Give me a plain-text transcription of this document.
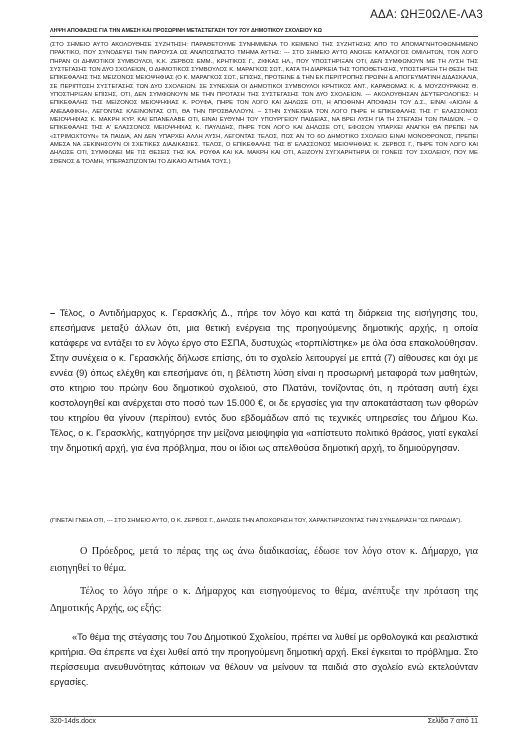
ΑΔΑ: ΩΗΞ0ΩΛΕ-ΛΑ3
ΛΗΨΗ ΑΠΟΦΑΣΗΣ ΓΙΑ ΤΗΝ ΑΜΕΣΗ ΚΑΙ ΠΡΟΣΩΡΙΝΗ ΜΕΤΑΣΤΕΓΑΣΗ ΤΟΥ 7ΟΥ ΔΗΜΟΤΙΚΟΥ ΣΧΟΛΕΙΟΥ ΚΩ
(ΣΤΟ ΣΗΜΕΙΟ ΑΥΤΟ ΑΚΟΛΟΥΘΗΣΕ ΣΥΖΗΤΗΣΗ: ΠΑΡΑΘΕΤΟΥΜΕ ΣΥΝΗΜΜΕΝΑ ΤΟ ΚΕΙΜΕΝΟ ΤΗΣ ΣΥΖΗΤΗΣΗΣ ΑΠΟ ΤΟ ΑΠΟΜΑΓΝΗΤΟΦΩΝΗΜΕΝΟ ΠΡΑΚΤΙΚΟ, ΠΟΥ ΣΥΝΟΔΕΥΕΙ ΤΗΝ ΠΑΡΟΥΣΑ ΩΣ ΑΝΑΠΟΣΠΑΣΤΟ ΤΜΗΜΑ ΑΥΤΗΣ: --- ΣΤΟ ΣΗΜΕΙΟ ΑΥΤΟ ΑΝΟΙΞΕ ΚΑΤΑΛΟΓΟΣ ΟΜΙΛΗΤΩΝ, ΤΟΝ ΛΟΓΟ ΠΗΡΑΝ ΟΙ ΔΗΜΟΤΙΚΟΙ ΣΥΜΒΟΥΛΟΙ, Κ.Κ. ΖΕΡΒΟΣ ΕΜΜ., ΚΡΗΤΙΚΟΣ Γ., ΖΙΦΚΑΣ ΗΛ., ΠΟΥ ΥΠΟΣΤΗΡΙΞΑΝ ΟΤΙ, ΔΕΝ ΣΥΜΦΩΝΟΥΝ ΜΕ ΤΗ ΛΥΣΗ ΤΗΣ ΣΥΣΤΕΓΑΣΗΣ ΤΩΝ ΔΥΟ ΣΧΟΛΕΙΩΝ, Ο ΔΗΜΟΤΙΚΟΣ ΣΥΜΒΟΥΛΟΣ Κ. ΜΑΡΑΓΚΟΣ ΣΩΤ., ΚΑΤΑ ΤΗ ΔΙΑΡΚΕΙΑ ΤΗΣ ΤΟΠΟΘΕΤΗΣΗΣ, ΥΠΟΣΤΗΡΙΞΗ ΤΗ ΘΕΣΗ ΤΗΣ ΕΠΙΚΕΦΑΛΗΣ ΤΗΣ ΜΕΙΖΟΝΟΣ ΜΕΙΟΨΗΦΙΑΣ (Ο Κ. ΜΑΡΑΓΚΟΣ ΣΩΤ., ΕΠΙΣΗΣ, ΠΡΟΤΕΙΝΕ & ΤΗΝ ΕΚ ΠΕΡΙΤΡΟΠΗΣ ΠΡΩΙΝΗ & ΑΠΟΓΕΥΜΑΤΙΝΗ ΔΙΔΑΣΚΑΛΙΑ, ΣΕ ΠΕΡΙΠΤΩΣΗ ΣΥΣΤΕΓΑΣΗΣ ΤΩΝ ΔΥΟ ΣΧΟΛΕΙΩΝ. ΣΕ ΣΥΝΕΧΕΙΑ ΟΙ ΔΗΜΟΤΙΚΟΙ ΣΥΜΒΟΥΛΟΙ ΚΡΗΤΙΚΟΣ ΑΝΤ., ΚΑΡΑΘΩΜΑΣ Κ. & ΜΟΥΖΟΥΡΑΚΗΣ Θ. ΥΠΟΣΤΗΡΙΞΑΝ ΕΠΙΣΗΣ, ΟΤΙ, ΔΕΝ ΣΥΜΦΩΝΟΥΝ ΜΕ ΤΗΝ ΠΡΟΤΑΣΗ ΤΗΣ ΣΥΣΤΕΓΑΣΗΣ ΤΩΝ ΔΥΟ ΣΧΟΛΕΙΩΝ. --- ΑΚΟΛΟΥΘΗΣΑΝ ΔΕΥΤΕΡΟΛΟΓΙΕΣ: Η ΕΠΙΚΕΦΑΛΗΣ ΤΗΣ ΜΕΙΖΟΝΟΣ ΜΕΙΟΨΗΦΙΑΣ Κ. ΡΟΥΦΑ, ΠΗΡΕ ΤΟΝ ΛΟΓΟ ΚΑΙ ΔΗΛΩΣΕ ΟΤΙ, Η ΑΠΟΦΗΝΗ ΑΠΟΦΑΣΗ ΤΟΥ Δ.Σ., ΕΙΝΑΙ «ΑΙΟΛΗ & ΑΝΕΔΑΦΙΚΗ», ΛΕΓΟΝΤΑΣ ΚΛΕΙΝΟΝΤΑΣ ΟΤΙ, ΘΑ ΤΗΝ ΠΡΟΣΒΑΛΛΟΥΝ. – ΣΤΗΝ ΣΥΝΕΧΕΙΑ ΤΟΝ ΛΟΓΟ ΠΗΡΕ Η ΕΠΙΚΕΦΑΛΗΣ ΤΗΣ Γ' ΕΛΑΣΣΟΝΟΣ ΜΕΙΟΨΗΦΙΑΣ Κ. ΜΑΚΡΗ ΚΥΡ. ΚΑΙ ΕΠΑΝΕΛΑΒΕ ΟΤΙ, ΕΙΝΑΙ ΕΥΘΥΝΗ ΤΟΥ ΥΠΟΥΡΓΕΙΟΥ ΠΑΙΔΕΙΑΣ, ΝΑ ΒΡΕΙ ΛΥΣΗ ΓΙΑ ΤΗ ΣΤΕΓΑΣΗ ΤΩΝ ΠΑΙΔΙΩΝ. – Ο ΕΠΙΚΕΦΑΛΗΣ ΤΗΣ Α' ΕΛΑΣΣΟΝΟΣ ΜΕΙΟΨΗΦΙΑΣ Κ. ΠΑΥΛΙΔΗΣ, ΠΗΡΕ ΤΟΝ ΛΟΓΟ ΚΑΙ ΔΗΛΩΣΕ ΟΤΙ, ΕΦΟΣΟΝ ΥΠΑΡΧΕΙ ΑΝΑΓΚΗ ΘΑ ΠΡΕΠΕΙ ΝΑ «ΣΤΡΙΜΩΧΤΟΥΝ» ΤΑ ΠΑΙΔΙΑ, ΑΝ ΔΕΝ ΥΠΑΡΧΕΙ ΑΛΛΗ ΛΥΣΗ, ΛΕΓΟΝΤΑΣ ΤΕΛΟΣ, ΠΩΣ ΑΝ ΤΟ 6Ο ΔΗΜΟΤΙΚΟ ΣΧΟΛΕΙΟ ΕΙΝΑΙ ΜΟΝΟΘΡΟΝΟΣ, ΠΡΕΠΕΙ ΑΜΕΣΑ ΝΑ ΞΕΚΙΝΗΣΟΥΝ ΟΙ ΣΧΕΤΙΚΕΣ ΔΙΑΔΙΚΑΣΙΕΣ. ΤΕΛΟΣ, Ο ΕΠΙΚΕΦΑΛΗΣ ΤΗΣ Β' ΕΛΑΣΣΟΝΟΣ ΜΕΙΟΨΗΦΙΑΣ Κ. ΖΕΡΒΟΣ Γ., ΠΗΡΕ ΤΟΝ ΛΟΓΟ ΚΑΙ ΔΗΛΩΣΕ ΟΤΙ, ΣΥΜΦΩΝΕΙ ΜΕ ΤΙΣ ΘΕΣΕΙΣ ΤΗΣ ΚΑ. ΡΟΥΦΑ ΚΑΙ ΚΑ. ΜΑΚΡΗ ΚΑΙ ΟΤΙ, ΑΞΙΖΟΥΝ ΣΥΓΧΑΡΗΤΗΡΙΑ ΟΙ ΓΟΝΕΙΣ ΤΟΥ ΣΧΟΛΕΙΟΥ, ΠΟΥ ΜΕ ΣΘΕΝΟΣ & ΤΟΛΜΗ, ΥΠΕΡΑΣΠΙΖΟΝΤΑΙ ΤΟ ΔΙΚΑΙΟ ΑΙΤΗΜΑ ΤΟΥΣ.)
– Τέλος, ο Αντιδήμαρχος κ. Γερασκλής Δ., πήρε τον λόγο και κατά τη διάρκεια της εισήγησης του, επεσήμανε μεταξύ άλλων ότι, μια θετική ενέργεια της προηγούμενης δημοτικής αρχής, η οποία κατάφερε να εντάξει το εν λόγω έργο στο ΕΣΠΑ, δυστυχώς «τορπιλίστηκε» με όλα όσα επακολούθησαν. Στην συνέχεια ο κ. Γερασκλής δήλωσε επίσης, ότι το σχολείο λειτουργεί με επτά (7) αίθουσες και όχι με εννέα (9) όπως ελέχθη και επεσήμανε ότι, η βέλτιστη λύση είναι η προσωρινή μεταφορά των μαθητών, στο κτηριο του πρώην 6ου δημοτικού σχολειού, στο Πλατάνι, τονίζοντας ότι, η πρόταση αυτή έχει κοστολογηθεί και ανέρχεται στο ποσό των 15.000 €, οι δε εργασίες για την αποκατάσταση των φθορών του κτηρίου θα γίνουν (περίπου) εντός δυο εβδομάδων από τις τεχνικές υπηρεσίες του Δήμου Κω. Τέλος, ο κ. Γερασκλής, κατηγόρησε την μείζονα μειοψηφία για «απίστευτο πολιτικό θράσος, γιατί εγκαλεί την δημοτική αρχή, για ένα πρόβλημα, που οι ίδιοι ως απελθούσα δημοτική αρχή, το δημιούργησαν.
(ΓΙΝΕΤΑΙ ΓΝΕΙΑ ΟΤΙ, --- ΣΤΟ ΣΗΜΕΙΟ ΑΥΤΟ, Ο Κ. ΖΕΡΒΟΣ Γ., ΔΗΛΩΣΕ ΤΗΝ ΑΠΟΧΩΡΗΣΗ ΤΟΥ, ΧΑΡΑΚΤΗΡΙΖΟΝΤΑΣ ΤΗΝ ΣΥΝΕΔΡΙΑΣΗ "ΩΣ ΠΑΡΩΔΙΑ").
Ο Πρόεδρος, μετά το πέρας της ως άνω διαδικασίας, έδωσε τον λόγο στον κ. Δήμαρχο, για εισηγηθεί το θέμα.
Τέλος το λόγο πήρε ο κ. Δήμαρχος και εισηγούμενος το θέμα, ανέπτυξε την πρόταση της Δημοτικής Αρχής, ως εξής:
«Το θέμα της στέγασης του 7ου Δημοτικού Σχολείου, πρέπει να λυθεί με ορθολογικά και ρεαλιστικά κριτήρια. Θα έπρεπε να έχει λυθεί από την προηγούμενη δημοτική αρχή. Εκεί έγκειται το πρόβλημα. Στο περίσσευμα ανευθυνότητας κάποιων να θέλουν να μείνουν τα παιδιά στο σχολείο ενώ εκτελούνταν εργασίες.
320-14ds.docx	Σελίδα 7 από 11
